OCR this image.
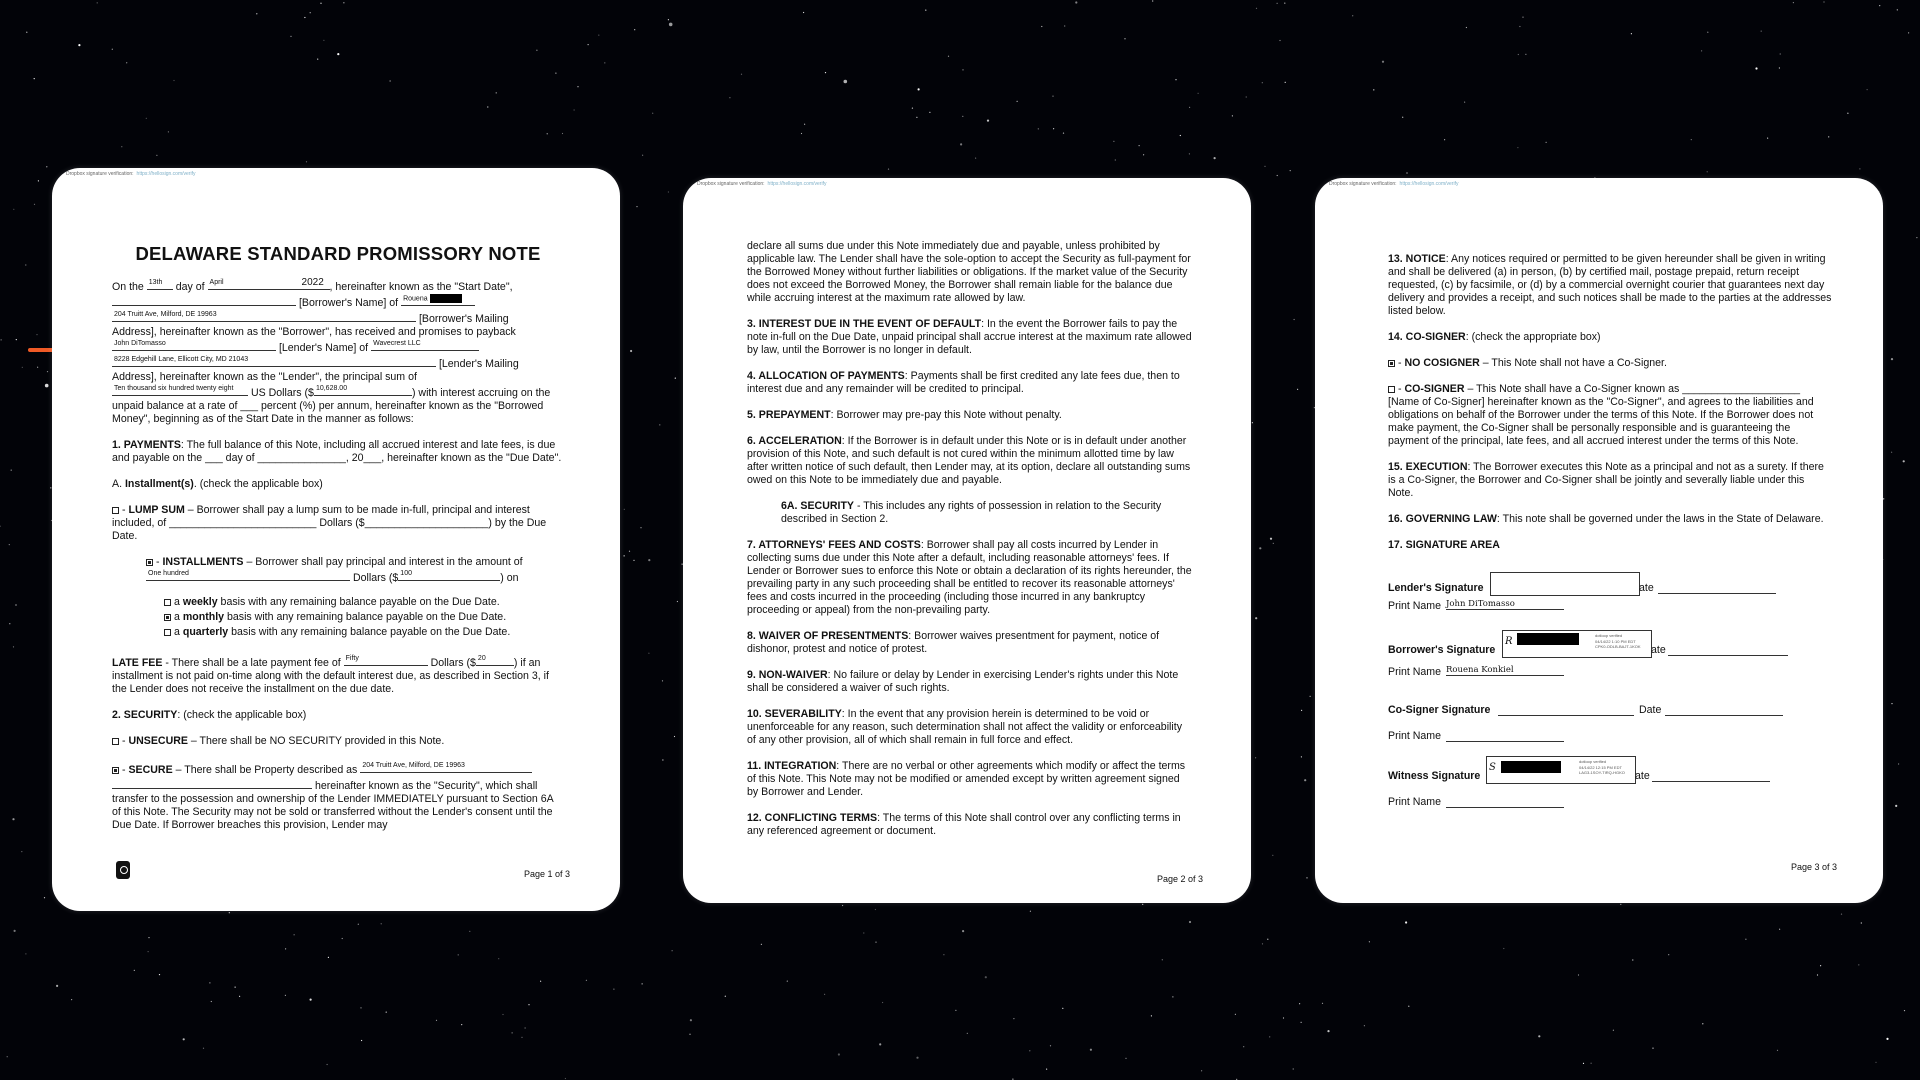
Dropbox signature verification: https://hellosign.com/verify
DELAWARE STANDARD PROMISSORY NOTE
On the 13th day of April	2022 , hereinafter known as the "Start Date", [Borrower's Name] of Rouena
204 Truitt Ave, Milford, DE 19963	[Borrower's Mailing
Address], hereinafter known as the "Borrower", has received and promises to payback
John DiTomasso	[Lender's Name] of Wavecrest LLC
8228 Edgehill Lane, Ellicott City, MD 21043	[Lender's Mailing
Address], hereinafter known as the "Lender", the principal sum of
Ten thousand six hundred twenty eight US Dollars ($ 10,628.00	) with interest accruing on the unpaid balance at a rate of ___ percent (%) per annum, hereinafter known as the "Borrowed Money", beginning as of the Start Date in the manner as follows:

1. PAYMENTS: The full balance of this Note, including all accrued interest and late fees, is due and payable on the ___ day of _______________, 20___, hereinafter known as the "Due Date".

A. Installment(s). (check the applicable box)

- LUMP SUM – Borrower shall pay a lump sum to be made in-full, principal and interest included, of _________________________ Dollars ($_____________________) by the Due Date.

- INSTALLMENTS – Borrower shall pay principal and interest in the amount of
One hundred	Dollars ($ 100	) on
a weekly basis with any remaining balance payable on the Due Date.
a monthly basis with any remaining balance payable on the Due Date.
a quarterly basis with any remaining balance payable on the Due Date.

LATE FEE - There shall be a late payment fee of Fifty	Dollars ($ 20	) if an installment is not paid on-time along with the default interest due, as described in Section 3, if the Lender does not receive the installment on the due date.

2. SECURITY: (check the applicable box)

- UNSECURE – There shall be NO SECURITY provided in this Note.

- SECURE – There shall be Property described as 204 Truitt Ave, Milford, DE 19963
hereinafter known as the "Security", which shall transfer to the possession and ownership of the Lender IMMEDIATELY pursuant to Section 6A of this Note. The Security may not be sold or transferred without the Lender's consent until the Due Date. If Borrower breaches this provision, Lender may
Page 1 of 3
Dropbox signature verification: https://hellosign.com/verify

declare all sums due under this Note immediately due and payable, unless prohibited by applicable law. The Lender shall have the sole-option to accept the Security as full-payment for the Borrowed Money without further liabilities or obligations. If the market value of the Security does not exceed the Borrowed Money, the Borrower shall remain liable for the balance due while accruing interest at the maximum rate allowed by law.

3. INTEREST DUE IN THE EVENT OF DEFAULT: In the event the Borrower fails to pay the note in-full on the Due Date, unpaid principal shall accrue interest at the maximum rate allowed by law, until the Borrower is no longer in default.

4. ALLOCATION OF PAYMENTS: Payments shall be first credited any late fees due, then to interest due and any remainder will be credited to principal.

5. PREPAYMENT: Borrower may pre-pay this Note without penalty.

6. ACCELERATION: If the Borrower is in default under this Note or is in default under another provision of this Note, and such default is not cured within the minimum allotted time by law after written notice of such default, then Lender may, at its option, declare all outstanding sums owed on this Note to be immediately due and payable.

6A. SECURITY - This includes any rights of possession in relation to the Security described in Section 2.

7. ATTORNEYS' FEES AND COSTS: Borrower shall pay all costs incurred by Lender in collecting sums due under this Note after a default, including reasonable attorneys' fees. If Lender or Borrower sues to enforce this Note or obtain a declaration of its rights hereunder, the prevailing party in any such proceeding shall be entitled to recover its reasonable attorneys' fees and costs incurred in the proceeding (including those incurred in any bankruptcy proceeding or appeal) from the non-prevailing party.

8. WAIVER OF PRESENTMENTS: Borrower waives presentment for payment, notice of dishonor, protest and notice of protest.

9. NON-WAIVER: No failure or delay by Lender in exercising Lender's rights under this Note shall be considered a waiver of such rights.

10. SEVERABILITY: In the event that any provision herein is determined to be void or unenforceable for any reason, such determination shall not affect the validity or enforceability of any other provision, all of which shall remain in full force and effect.

11. INTEGRATION: There are no verbal or other agreements which modify or affect the terms of this Note. This Note may not be modified or amended except by written agreement signed by Borrower and Lender.

12. CONFLICTING TERMS: The terms of this Note shall control over any conflicting terms in any referenced agreement or document.

Page 2 of 3
Dropbox signature verification: https://hellosign.com/verify

13. NOTICE: Any notices required or permitted to be given hereunder shall be given in writing and shall be delivered (a) in person, (b) by certified mail, postage prepaid, return receipt requested, (c) by facsimile, or (d) by a commercial overnight courier that guarantees next day delivery and provides a receipt, and such notices shall be made to the parties at the addresses listed below.

14. CO-SIGNER: (check the appropriate box)

- NO COSIGNER – This Note shall not have a Co-Signer.

- CO-SIGNER – This Note shall have a Co-Signer known as ____________________ [Name of Co-Signer] hereinafter known as the "Co-Signer", and agrees to the liabilities and obligations on behalf of the Borrower under the terms of this Note. If the Borrower does not make payment, the Co-Signer shall be personally responsible and is guaranteeing the payment of the principal, late fees, and all accrued interest under the terms of this Note.

15. EXECUTION: The Borrower executes this Note as a principal and not as a surety. If there is a Co-Signer, the Borrower and Co-Signer shall be jointly and severally liable under this Note.

16. GOVERNING LAW: This note shall be governed under the laws in the State of Delaware.

17. SIGNATURE AREA

Lender's Signature	ate
Print Name John DiTomasso
Borrower's Signature
R
dotloop verified
04/14/22 1:10 PM EDT
CPK0-ODLB-BAJT-1KOK ate
Print Name Rouena Konkiel
Co-Signer Signature	Date
Print Name
Witness Signature
S
dotloop verified
04/14/22 12:15 PM EDT
LAG3-1SOY-TIRQ-HGKO ate
Print Name
Page 3 of 3
